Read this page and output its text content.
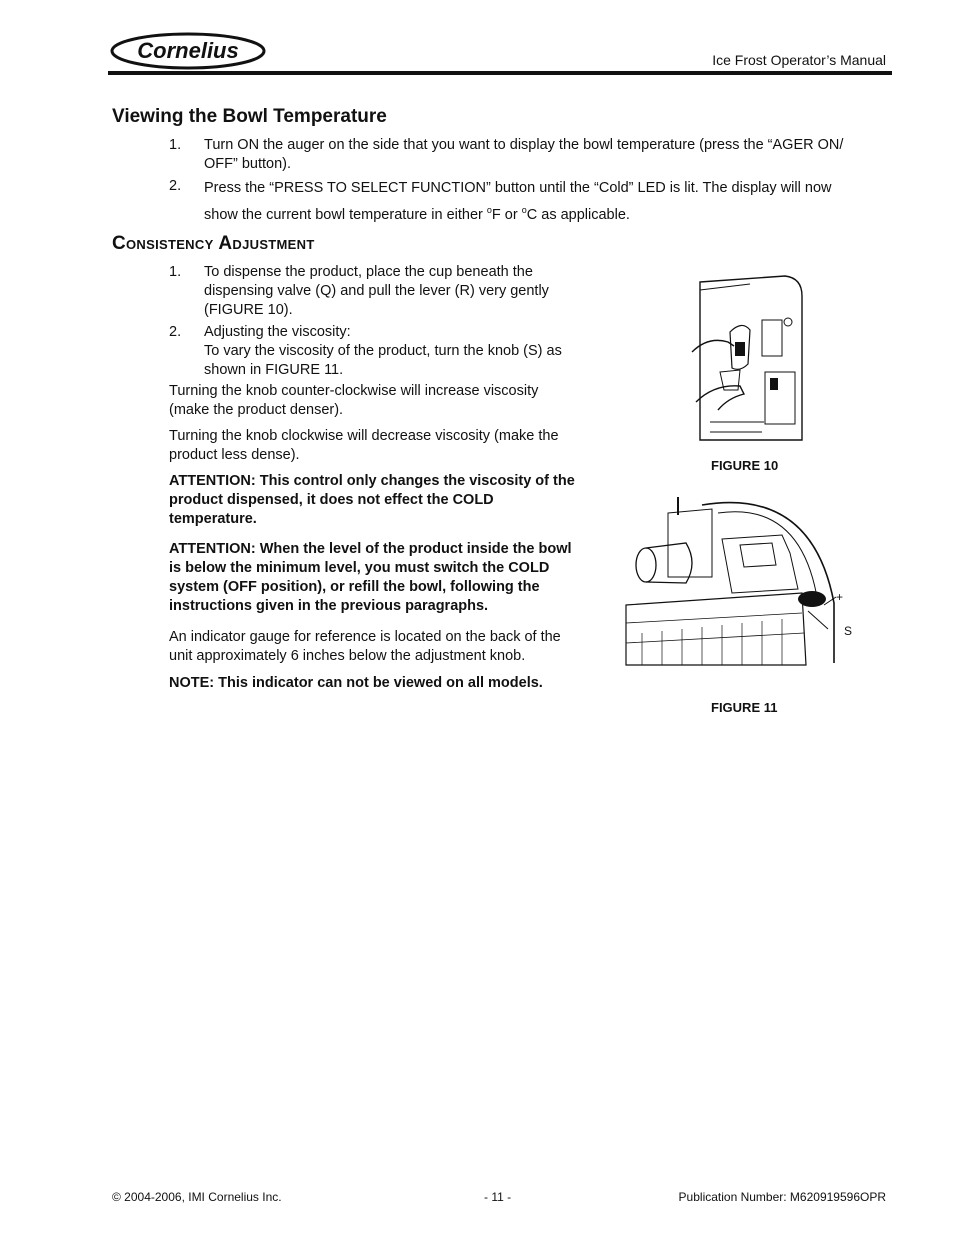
Cornelius	Ice Frost Operator’s Manual
Viewing the Bowl Temperature
1. Turn ON the auger on the side that you want to display the bowl temperature (press the “AGER ON/
OFF” button).
2. Press the “PRESS TO SELECT FUNCTION” button until the “Cold” LED is lit. The display will now
show the current bowl temperature in either $^o$F or $^o$C as applicable.
Consistency Adjustment
1. To dispense the product, place the cup beneath the
dispensing valve (Q) and pull the lever (R) very gently
(FIGURE 10).
2. Adjusting the viscosity:
To vary the viscosity of the product, turn the knob (S) as
shown in FIGURE 11.
Turning the knob counter-clockwise will increase viscosity
(make the product denser).
Turning the knob clockwise will decrease viscosity (make the
product less dense).
ATTENTION: This control only changes the viscosity of the
product dispensed, it does not effect the COLD
temperature.
ATTENTION: When the level of the product inside the bowl
is below the minimum level, you must switch the COLD
system (OFF position), or refill the bowl, following the
instructions given in the previous paragraphs.
An indicator gauge for reference is located on the back of the
unit approximately 6 inches below the adjustment knob.
NOTE: This indicator can not be viewed on all models.
FIGURE 10
+
S
FIGURE 11
© 2004-2006, IMI Cornelius Inc.	- 11 -	Publication Number: M620919596OPR
